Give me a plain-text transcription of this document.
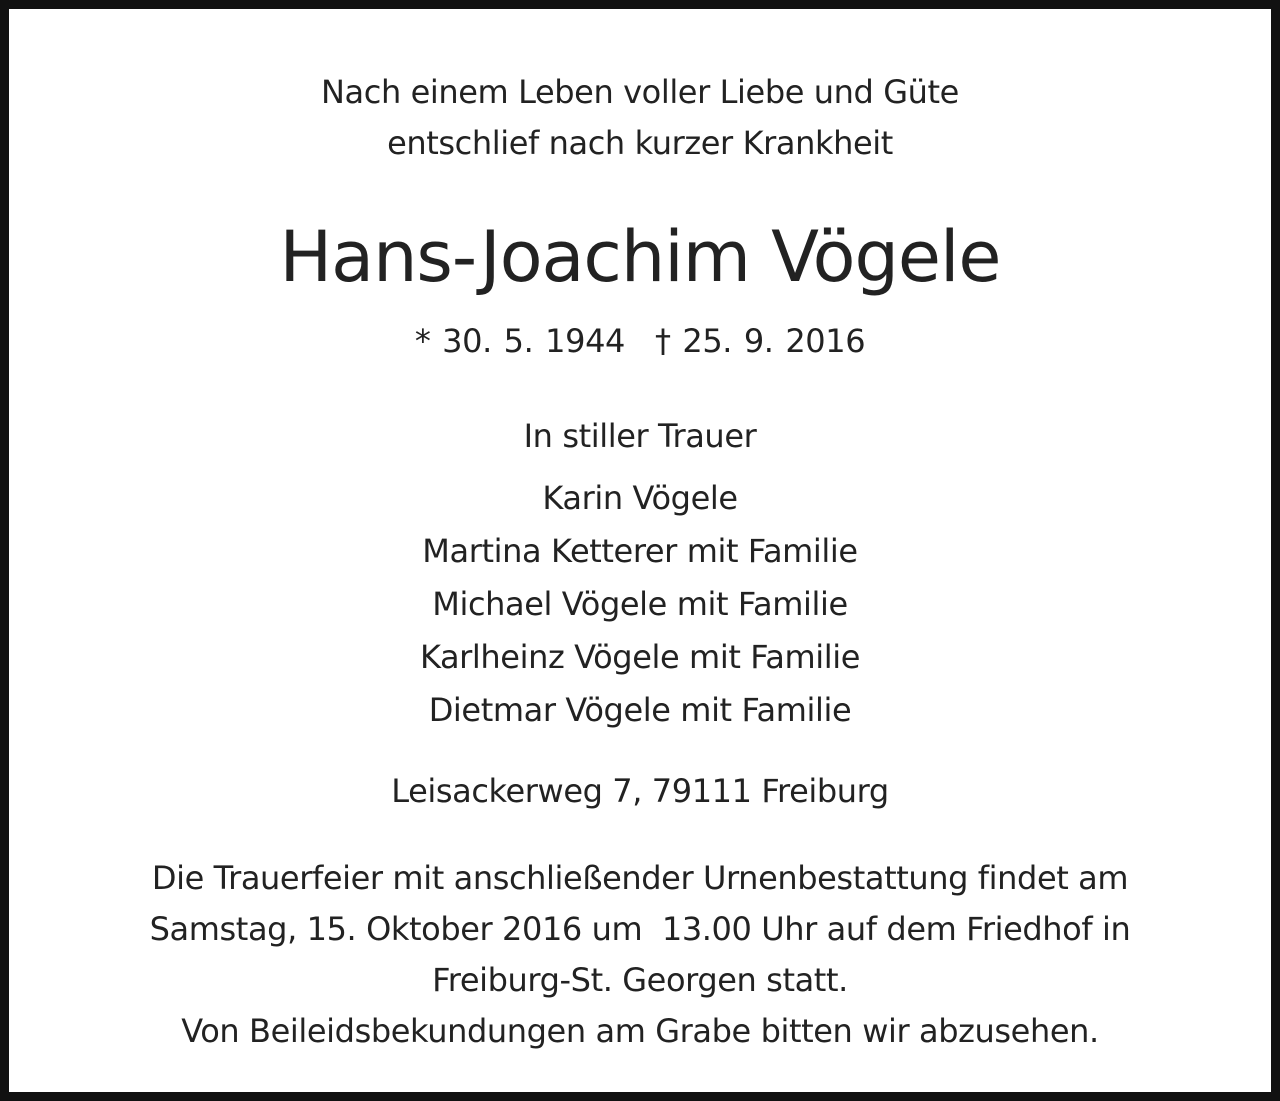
Nach einem Leben voller Liebe und Güte
entschlief nach kurzer Krankheit
Hans-Joachim Vögele
* 30. 5. 1944 † 25. 9. 2016
In stiller Trauer
Karin Vögele
Martina Ketterer mit Familie
Michael Vögele mit Familie
Karlheinz Vögele mit Familie
Dietmar Vögele mit Familie
Leisackerweg 7, 79111 Freiburg
Die Trauerfeier mit anschließender Urnenbestattung findet am
Samstag, 15. Oktober 2016 um  13.00 Uhr auf dem Friedhof in
Freiburg-St. Georgen statt.
Von Beileidsbekundungen am Grabe bitten wir abzusehen.
